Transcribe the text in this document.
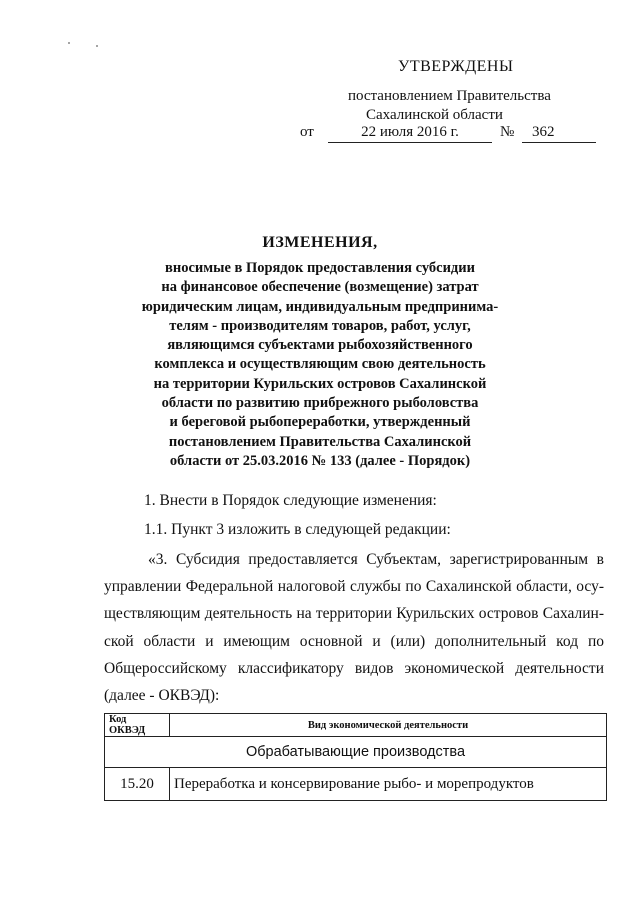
УТВЕРЖДЕНЫ
постановлением Правительства
Сахалинской области
от	22 июля 2016 г.	№ 362
ИЗМЕНЕНИЯ,
вносимые в Порядок предоставления субсидии
на финансовое обеспечение (возмещение) затрат
юридическим лицам, индивидуальным предпринима-
телям - производителям товаров, работ, услуг,
являющимся субъектами рыбохозяйственного
комплекса и осуществляющим свою деятельность
на территории Курильских островов Сахалинской
области по развитию прибрежного рыболовства
и береговой рыбопереработки, утвержденный
постановлением Правительства Сахалинской
области от 25.03.2016 № 133 (далее - Порядок)
1. Внести в Порядок следующие изменения:
1.1. Пункт 3 изложить в следующей редакции:
«3. Субсидия предоставляется Субъектам, зарегистрированным в
управлении Федеральной налоговой службы по Сахалинской области, осу-
ществляющим деятельность на территории Курильских островов Сахалин-
ской области и имеющим основной и (или) дополнительный код по
Общероссийскому классификатору видов экономической деятельности
(далее - ОКВЭД):
Код ОКВЭД	Вид экономической деятельности
Обрабатывающие производства	
15.20	Переработка и консервирование рыбо- и морепродуктов
